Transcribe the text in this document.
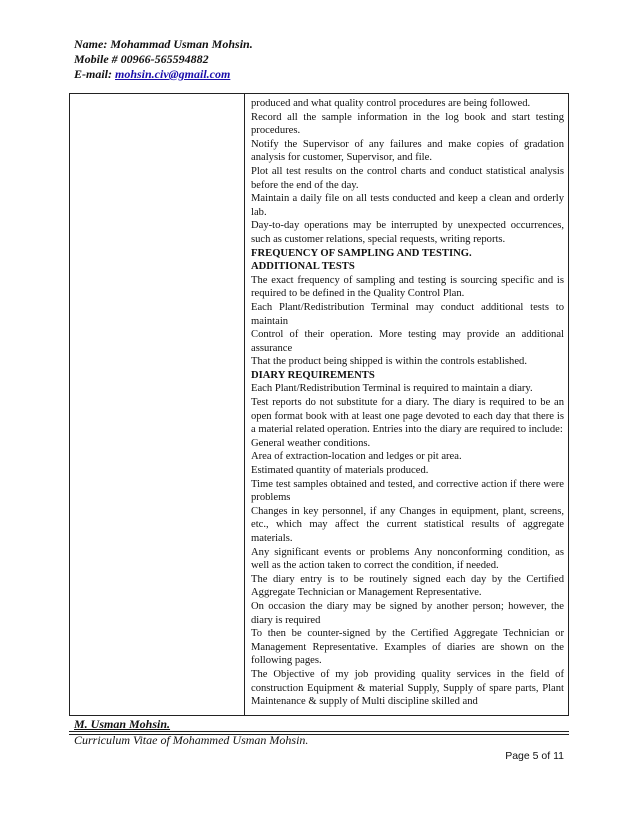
Name: Mohammad Usman Mohsin.
Mobile # 00966-565594882
E-mail: mohsin.civ@gmail.com
produced and what quality control procedures are being followed.
Record all the sample information in the log book and start testing procedures.
Notify the Supervisor of any failures and make copies of gradation analysis for customer, Supervisor, and file.
Plot all test results on the control charts and conduct statistical analysis before the end of the day.
Maintain a daily file on all tests conducted and keep a clean and orderly lab.
Day-to-day operations may be interrupted by unexpected occurrences, such as customer relations, special requests, writing reports.
FREQUENCY OF SAMPLING AND TESTING.
ADDITIONAL TESTS
The exact frequency of sampling and testing is sourcing specific and is required to be defined in the Quality Control Plan.
Each Plant/Redistribution Terminal may conduct additional tests to maintain
Control of their operation. More testing may provide an additional assurance
That the product being shipped is within the controls established.
DIARY REQUIREMENTS
Each Plant/Redistribution Terminal is required to maintain a diary.
Test reports do not substitute for a diary. The diary is required to be an open format book with at least one page devoted to each day that there is a material related operation. Entries into the diary are required to include:
General weather conditions.
Area of extraction-location and ledges or pit area.
Estimated quantity of materials produced.
Time test samples obtained and tested, and corrective action if there were problems
Changes in key personnel, if any Changes in equipment, plant, screens, etc., which may affect the current statistical results of aggregate materials.
Any significant events or problems Any nonconforming condition, as well as the action taken to correct the condition, if needed.
The diary entry is to be routinely signed each day by the Certified Aggregate Technician or Management Representative.
On occasion the diary may be signed by another person; however, the diary is required
To then be counter-signed by the Certified Aggregate Technician or Management Representative. Examples of diaries are shown on the following pages.
The Objective of my job providing quality services in the field of construction Equipment & material Supply, Supply of spare parts, Plant Maintenance & supply of Multi discipline skilled and
M. Usman Mohsin.
Curriculum Vitae of Mohammed Usman Mohsin.
Page 5 of 11
